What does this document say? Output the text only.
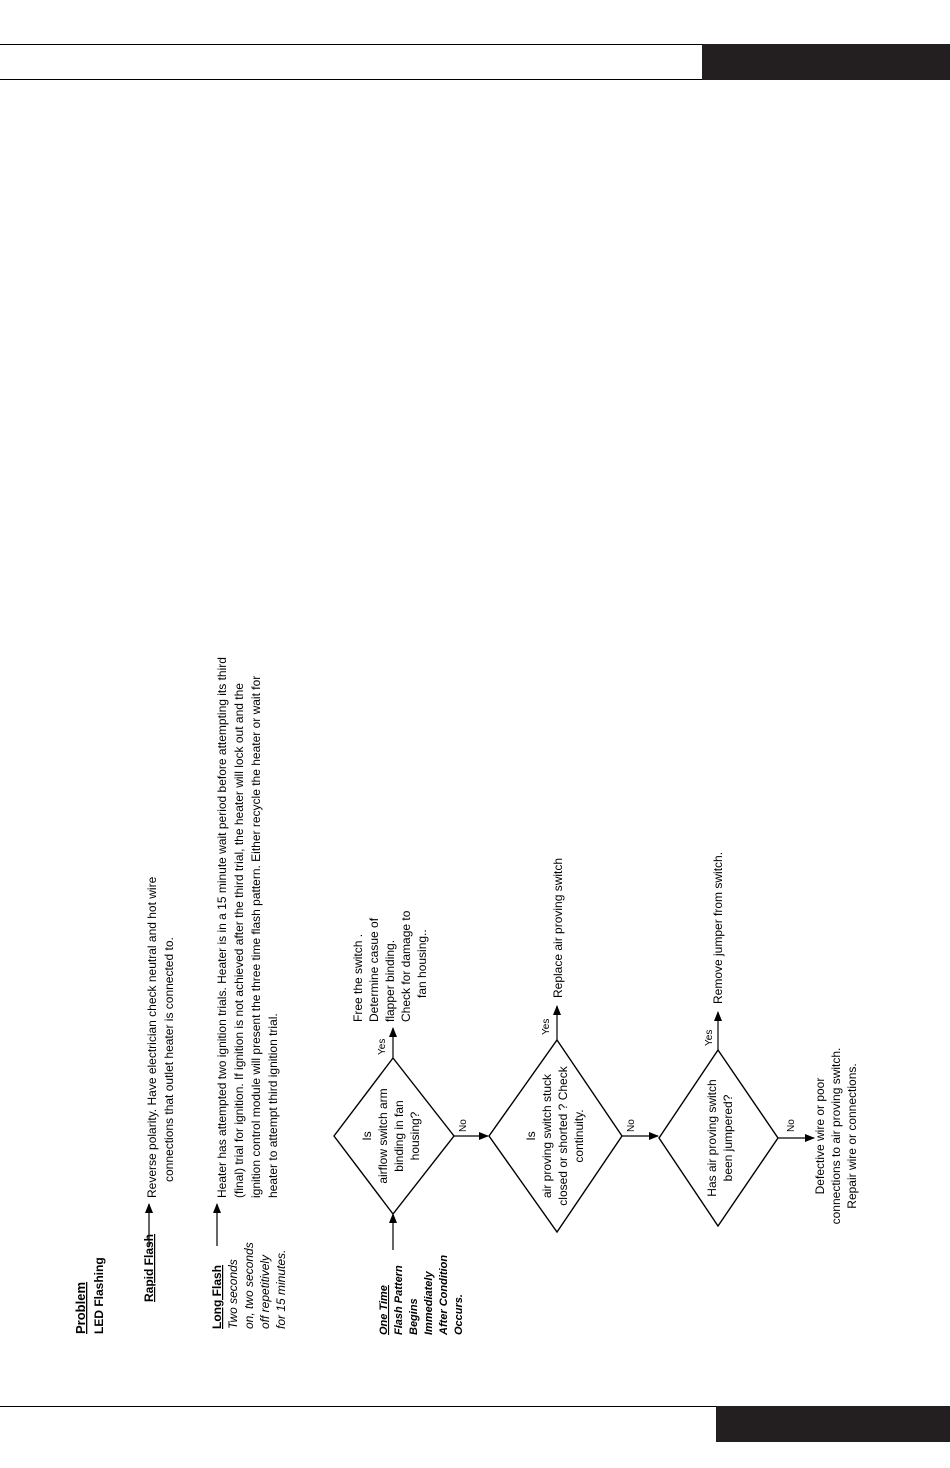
Problem LED Flashing	Rapid Flash
Reverse polarity. Have electrician check neutral and hot wire connections that outlet heater is connected to.
Long Flash Two seconds on, two seconds off repetitively for 15 minutes.
Heater has attempted two ignition trials. Heater is in a 15 minute wait period before attempting its third (final) trial for ignition. If ignition is not achieved after the third trial, the heater will lock out and the ignition control module will present the three time flash pattern. Either recycle the heater or wait for heater to attempt third ignition trial.
One Time Flash Pattern Begins Immediately After Condition Occurs.
Is airflow switch arm binding in fan housing?
Yes
Free the switch . Determine casue of flapper binding. Check for damage to fan housing..
No
Is air proving switch stuck closed or shorted ? Check continuity.
Yes
Replace air proving switch
No	Has air proving switch been jumpered?
Yes
Remove jumper from switch.
No Defective wire or poor connections to air proving switch. Repair wire or connections.
